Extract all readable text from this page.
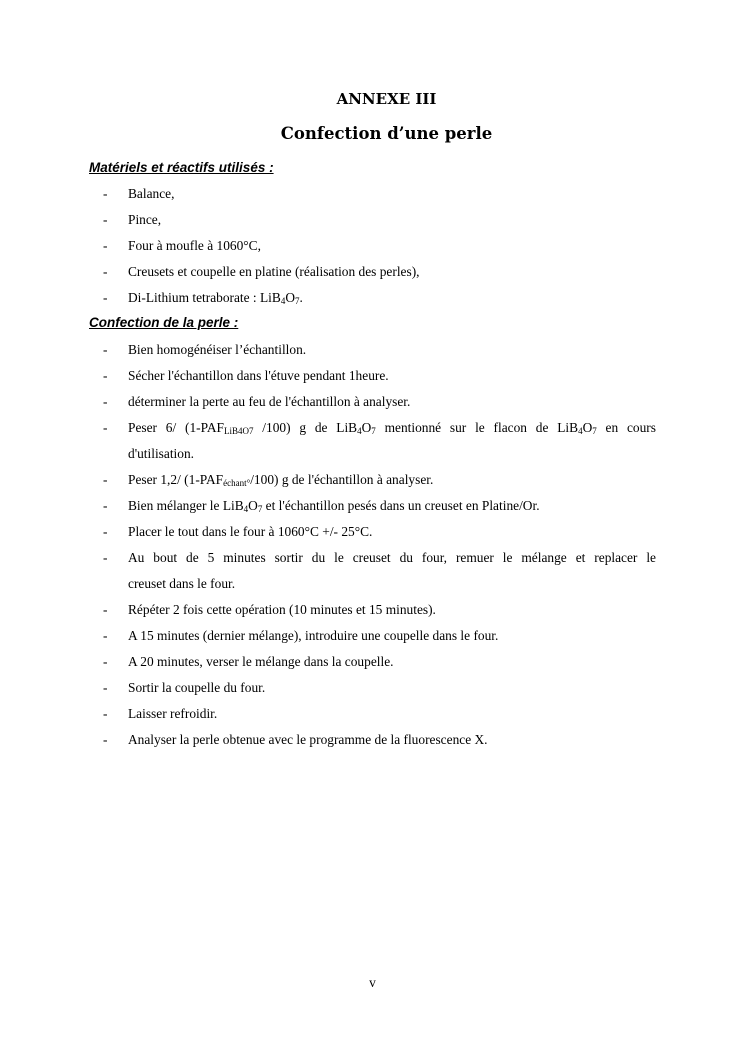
ANNEXE III
Confection d’une perle

Matériels et réactifs utilisés :

- Balance,
- Pince,
- Four à moufle à 1060°C,
- Creusets et coupelle en platine (réalisation des perles),
- Di-Lithium tetraborate : $LiB_4O_7$.

Confection de la perle :

- Bien homogénéiser l’échantillon.
- Sécher l'échantillon dans l'étuve pendant 1heure.
- déterminer la perte au feu de l'échantillon à analyser.
- Peser 6/ ($1-PAF_{LiB4O7}$ /100) g de $LiB_4O_7$ mentionné sur le flacon de $LiB_4O_7$ en cours
d'utilisation.
- Peser 1,2/ $(1-PAF_{échant^\circ}/100)$ g de l'échantillon à analyser.
- Bien mélanger le $LiB_4O_7$ et l'échantillon pesés dans un creuset en Platine/Or.
- Placer le tout dans le four à 1060°C +/- 25°C.
- Au bout de 5 minutes sortir du le creuset du four, remuer le mélange et replacer le
creuset dans le four.
- Répéter 2 fois cette opération (10 minutes et 15 minutes).
- A 15 minutes (dernier mélange), introduire une coupelle dans le four.
- A 20 minutes, verser le mélange dans la coupelle.
- Sortir la coupelle du four.
- Laisser refroidir.
- Analyser la perle obtenue avec le programme de la fluorescence X.

v
